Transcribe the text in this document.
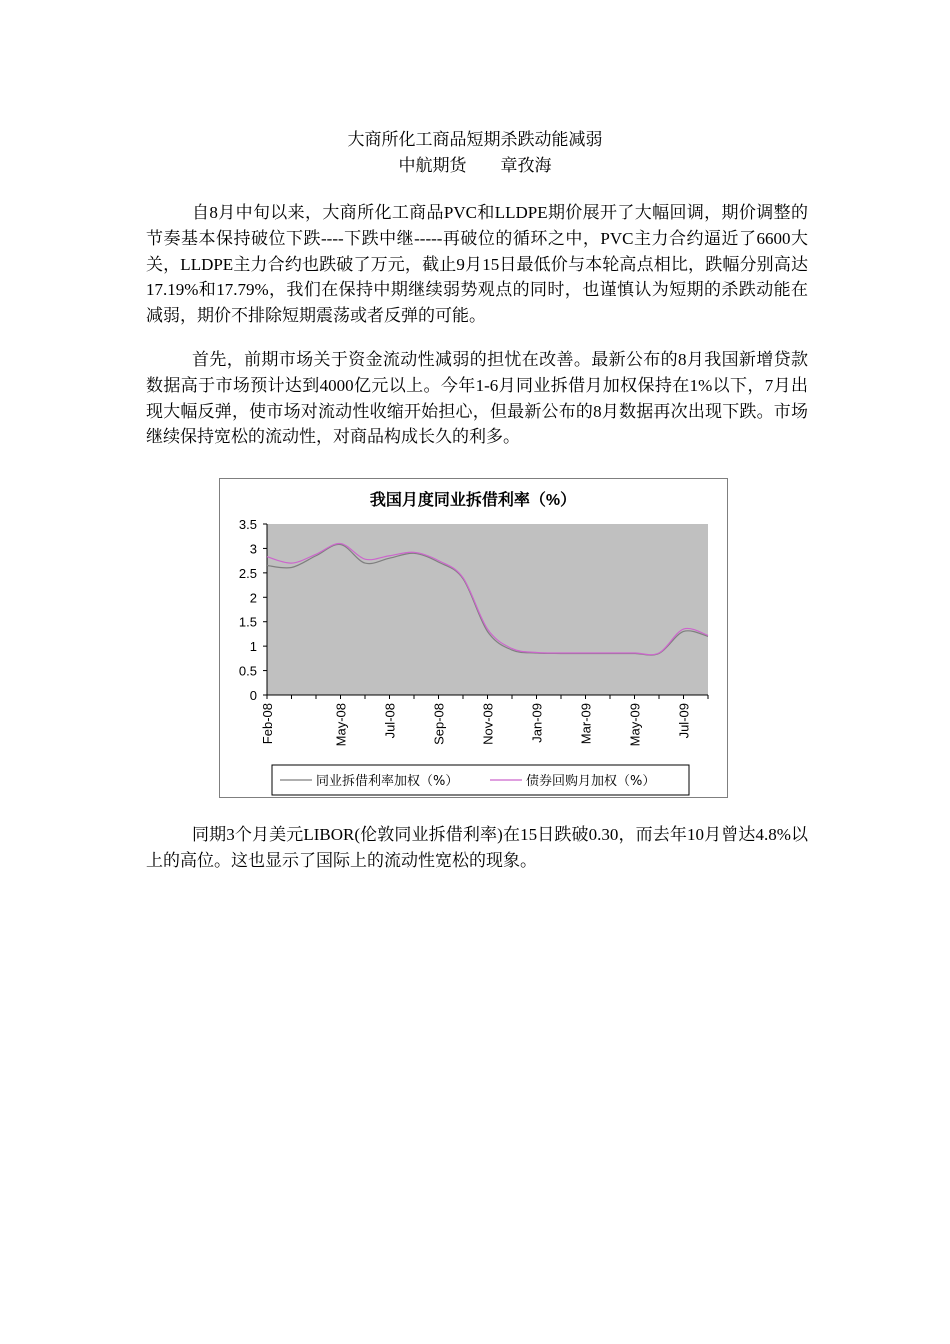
大商所化工商品短期杀跌动能减弱
中航期货　　章孜海

自8月中旬以来，大商所化工商品PVC和LLDPE期价展开了大幅回调，期价调整的节奏基本保持破位下跌----下跌中继-----再破位的循环之中，PVC主力合约逼近了6600大关，LLDPE主力合约也跌破了万元，截止9月15日最低价与本轮高点相比，跌幅分别高达17.19%和17.79%，我们在保持中期继续弱势观点的同时，也谨慎认为短期的杀跌动能在减弱，期价不排除短期震荡或者反弹的可能。

首先，前期市场关于资金流动性减弱的担忧在改善。最新公布的8月我国新增贷款数据高于市场预计达到4000亿元以上。今年1-6月同业拆借月加权保持在1%以下，7月出现大幅反弹，使市场对流动性收缩开始担心，但最新公布的8月数据再次出现下跌。市场继续保持宽松的流动性，对商品构成长久的利多。

我国月度同业拆借利率（%）
0
0.5
1
1.5
2
2.5
3
3.5
Feb-08	May-08	Jul-08	Sep-08	Nov-08	Jan-09	Mar-09	May-09	Jul-09
同业拆借利率加权（%）	债券回购月加权（%）

同期3个月美元LIBOR(伦敦同业拆借利率)在15日跌破0.30，而去年10月曾达4.8%以上的高位。这也显示了国际上的流动性宽松的现象。
